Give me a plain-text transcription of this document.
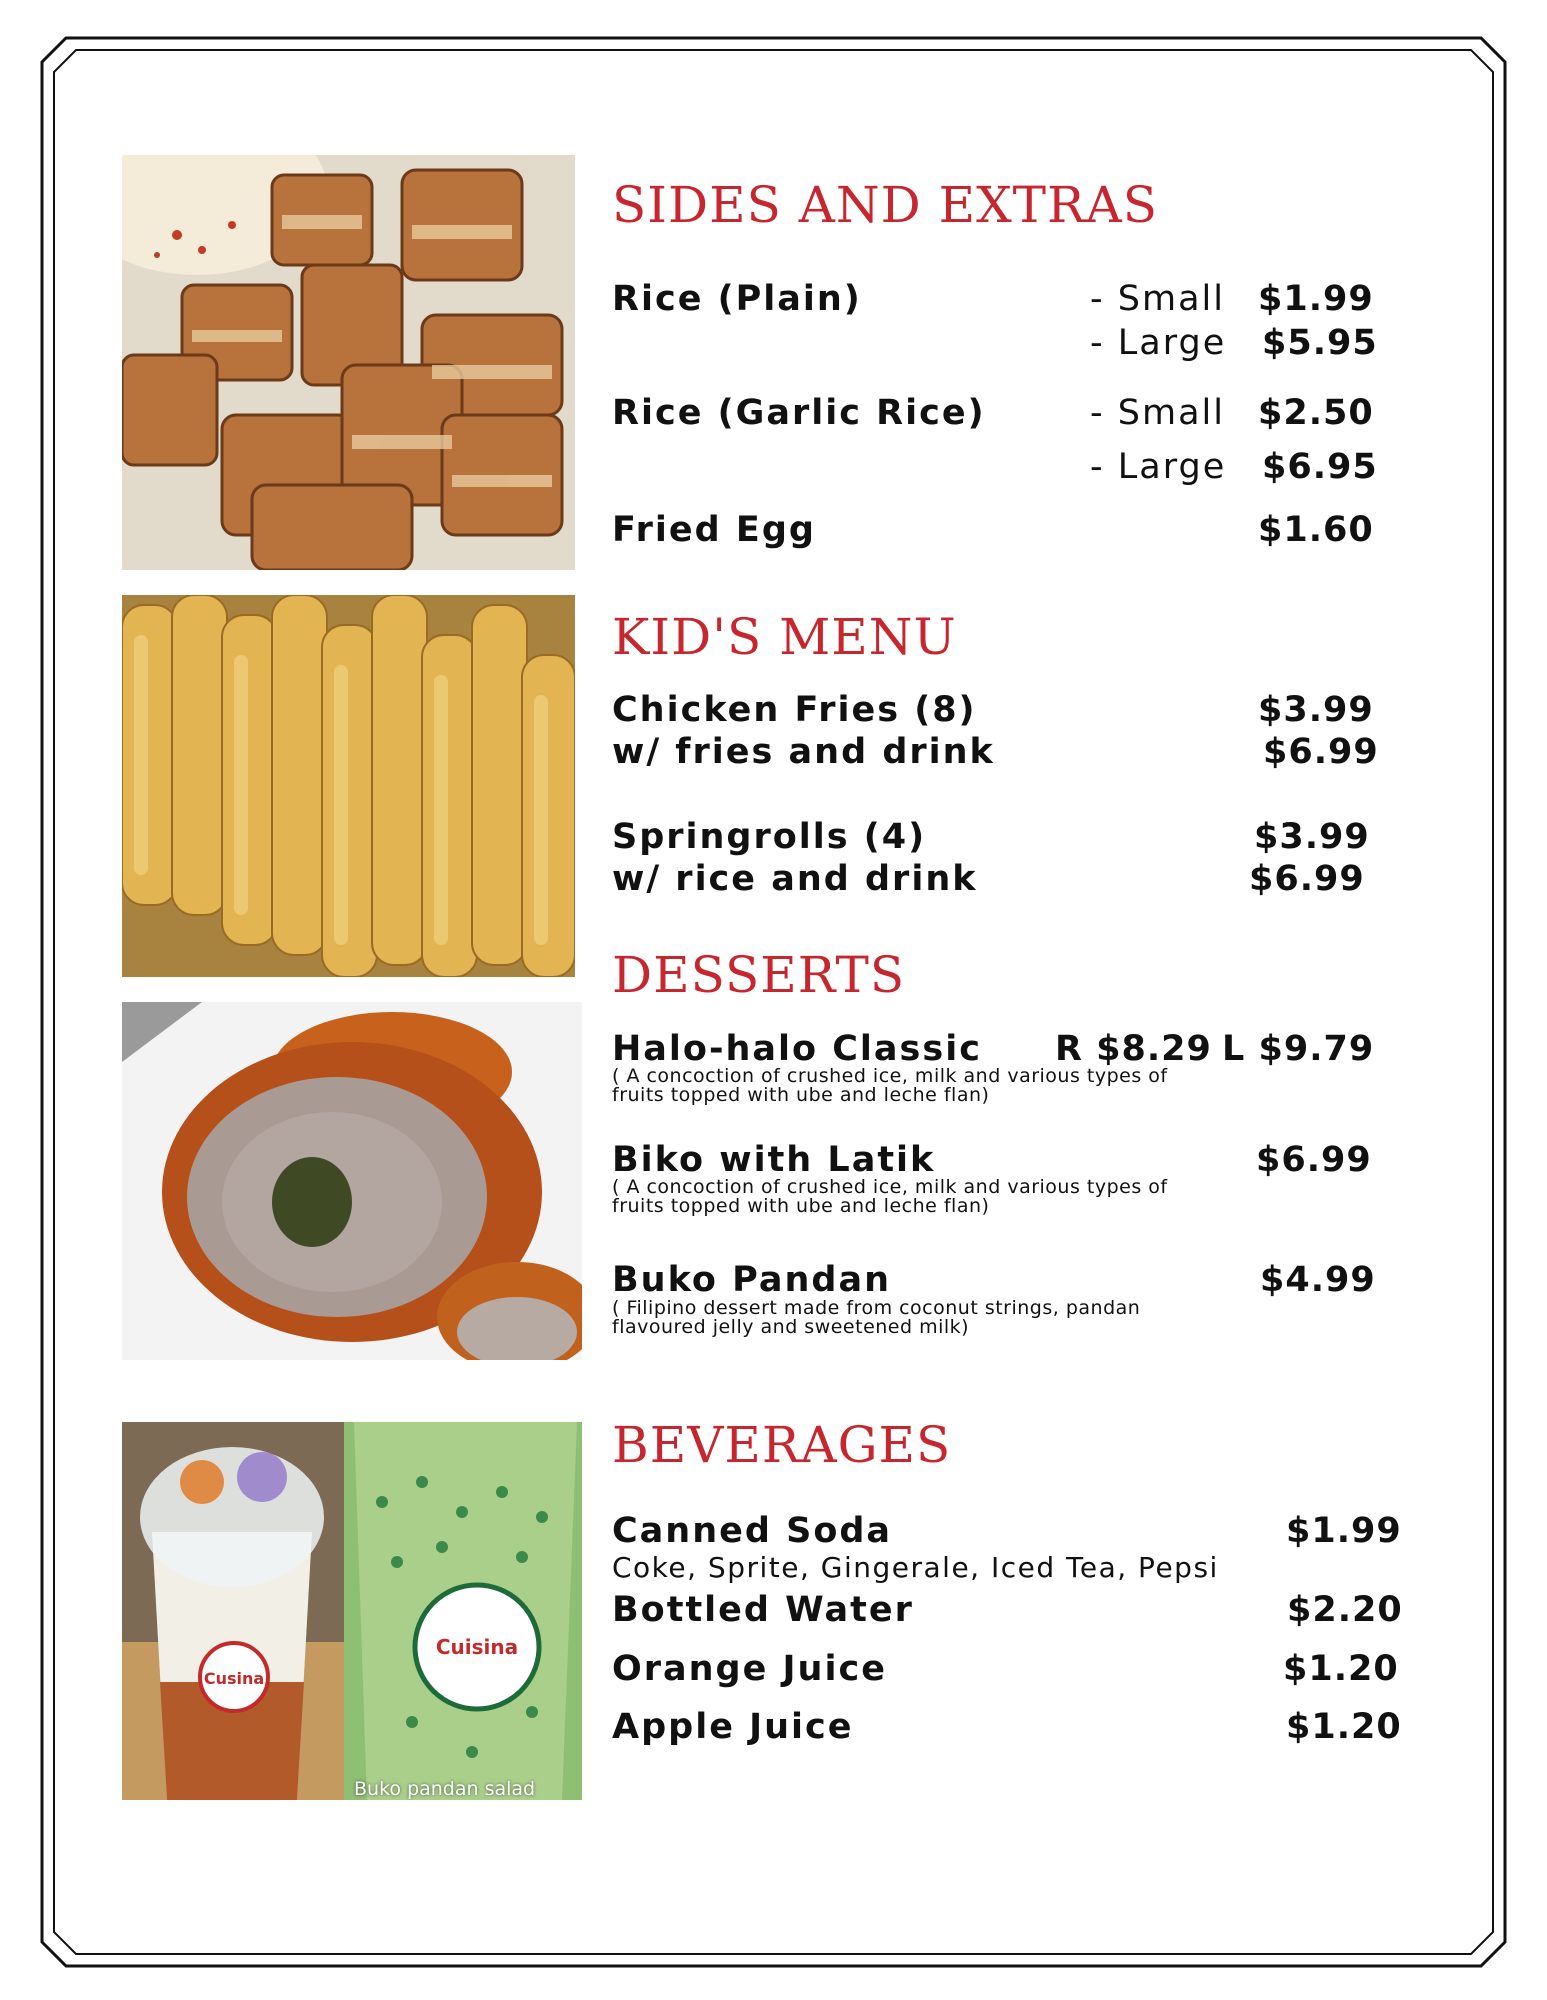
Cusina
Cuisina
Buko pandan salad
SIDES AND EXTRAS
Rice (Plain)	- Small $1.99
- Large $5.95
Rice (Garlic Rice)	- Small $2.50
- Large $6.95
Fried Egg	$1.60
KID'S MENU
Chicken Fries (8)	$3.99
w/ fries and drink	$6.99
Springrolls (4)	$3.99
w/ rice and drink	$6.99
DESSERTS
Halo-halo Classic R $8.29 L $9.79
( A concoction of crushed ice, milk and various types of fruits topped with ube and leche flan)
Biko with Latik	$6.99
( A concoction of crushed ice, milk and various types of fruits topped with ube and leche flan)
Buko Pandan	$4.99
( Filipino dessert made from coconut strings, pandan flavoured jelly and sweetened milk)
BEVERAGES
Canned Soda	$1.99
Coke, Sprite, Gingerale, Iced Tea, Pepsi
Bottled Water	$2.20
Orange Juice	$1.20
Apple Juice	$1.20
